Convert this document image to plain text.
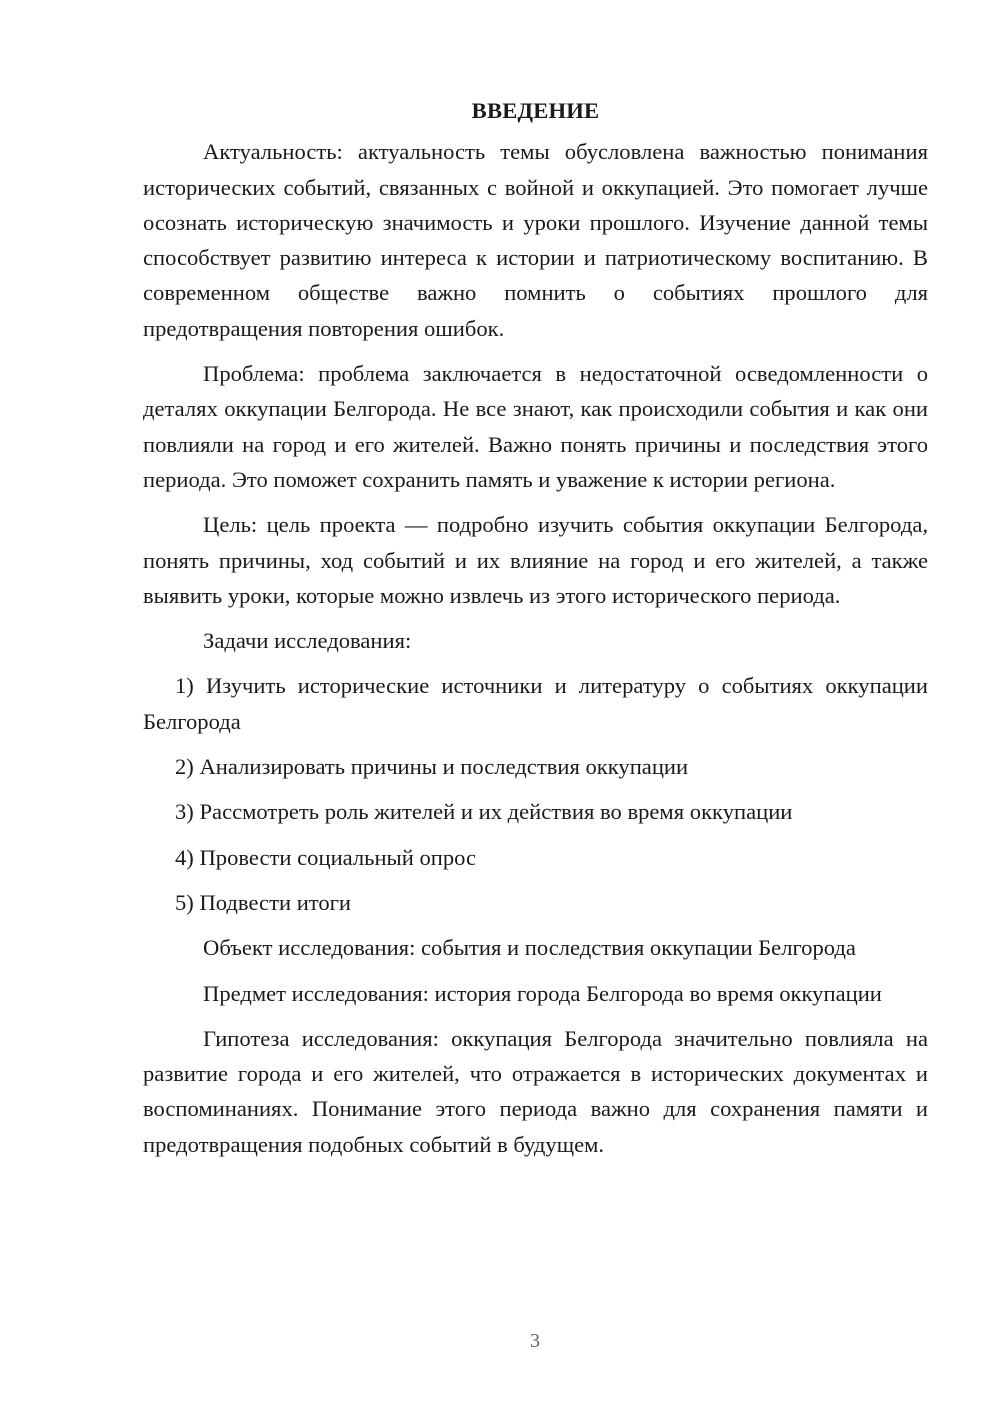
ВВЕДЕНИЕ

Актуальность: актуальность темы обусловлена важностью понимания исторических событий, связанных с войной и оккупацией. Это помогает лучше осознать историческую значимость и уроки прошлого. Изучение данной темы способствует развитию интереса к истории и патриотическому воспитанию. В современном обществе важно помнить о событиях прошлого для предотвращения повторения ошибок.

Проблема: проблема заключается в недостаточной осведомленности о деталях оккупации Белгорода. Не все знают, как происходили события и как они повлияли на город и его жителей. Важно понять причины и последствия этого периода. Это поможет сохранить память и уважение к истории региона.

Цель: цель проекта — подробно изучить события оккупации Белгорода, понять причины, ход событий и их влияние на город и его жителей, а также выявить уроки, которые можно извлечь из этого исторического периода.

Задачи исследования:

1) Изучить исторические источники и литературу о событиях оккупации Белгорода

2) Анализировать причины и последствия оккупации

3) Рассмотреть роль жителей и их действия во время оккупации

4) Провести социальный опрос

5) Подвести итоги

Объект исследования: события и последствия оккупации Белгорода

Предмет исследования: история города Белгорода во время оккупации

Гипотеза исследования: оккупация Белгорода значительно повлияла на развитие города и его жителей, что отражается в исторических документах и воспоминаниях. Понимание этого периода важно для сохранения памяти и предотвращения подобных событий в будущем.

3
